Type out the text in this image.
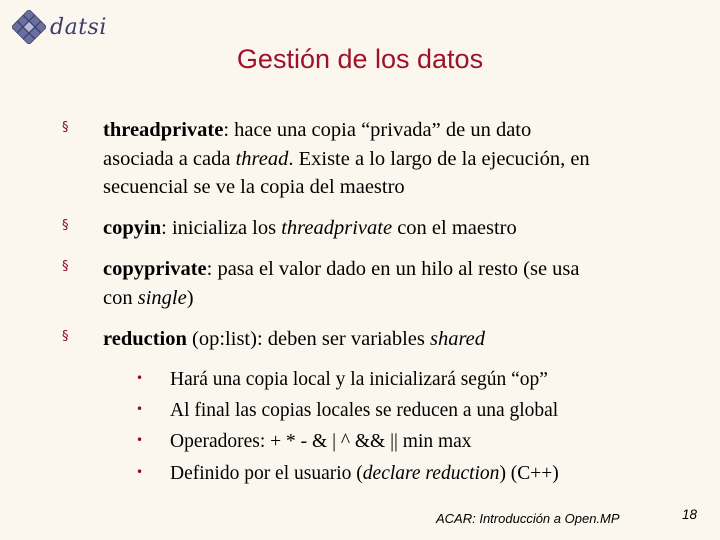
datsi
Gestión de los datos
§
threadprivate: hace una copia “privada” de un dato
asociada a cada thread. Existe a lo largo de la ejecución, en
secuencial se ve la copia del maestro
§
copyin: inicializa los threadprivate con el maestro
§
copyprivate: pasa el valor dado en un hilo al resto (se usa
con single)
§
reduction (op:list): deben ser variables shared
• Hará una copia local y la inicializará según “op”
• Al final las copias locales se reducen a una global
• Operadores: + * - & | ^ && || min max
• Definido por el usuario (declare reduction) (C++)
ACAR: Introducción a Open.MP	18
